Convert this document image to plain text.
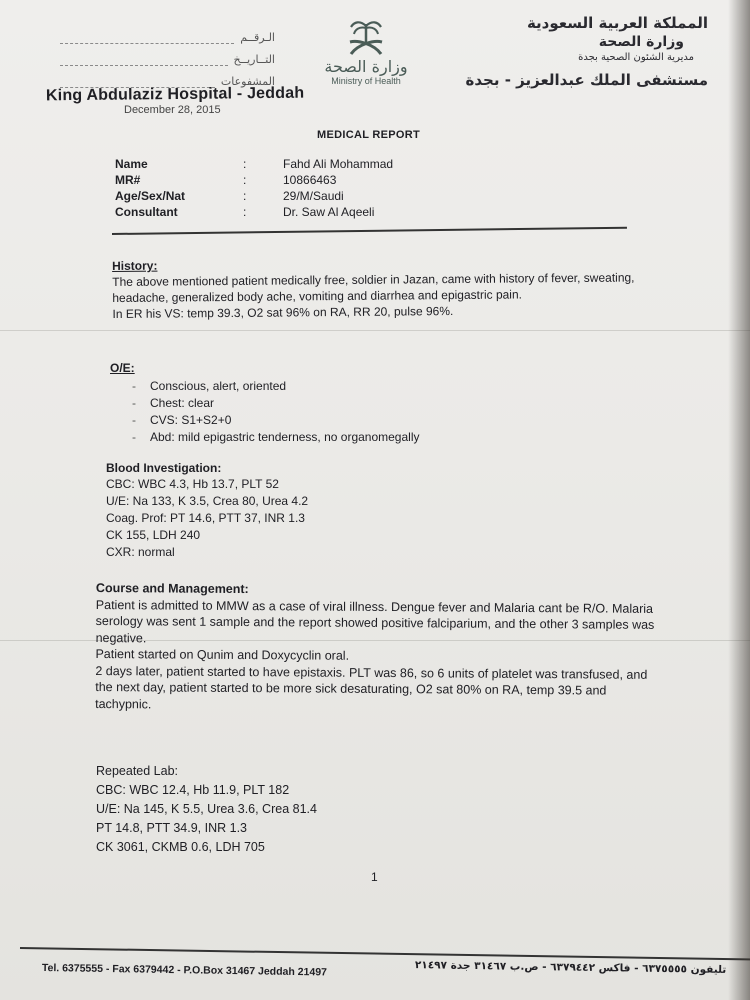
الـرقــم
التــاريــخ
المشفوعات
وزارة الصحة
Ministry of Health
المملكة العربية السعودية
وزارة الصحة
مديرية الشئون الصحية بجدة
مستشفى الملك عبدالعزيز - بجدة
King Abdulaziz Hospital - Jeddah
December 28, 2015
MEDICAL REPORT
Name	:	Fahd Ali Mohammad
MR#	:	10866463
Age/Sex/Nat	:	29/M/Saudi
Consultant	:	Dr. Saw Al Aqeeli
History:
The above mentioned patient medically free, soldier in Jazan, came with history of fever, sweating, headache, generalized body ache, vomiting and diarrhea and epigastric pain.
In ER his VS: temp 39.3, O2 sat 96% on RA, RR 20, pulse 96%.
O/E:
-	Conscious, alert, oriented
-	Chest: clear
-	CVS: S1+S2+0
-	Abd: mild epigastric tenderness, no organomegally
Blood Investigation:
CBC: WBC 4.3, Hb 13.7, PLT 52
U/E: Na 133, K 3.5, Crea 80, Urea 4.2
Coag. Prof: PT 14.6, PTT 37, INR 1.3
CK 155, LDH 240
CXR: normal
Course and Management:

Patient is admitted to MMW as a case of viral illness. Dengue fever and Malaria cant be R/O. Malaria serology was sent 1 sample and the report showed positive falciparium, and the other 3 samples was negative.

Patient started on Qunim and Doxycyclin oral.

2 days later, patient started to have epistaxis. PLT was 86, so 6 units of platelet was transfused, and the next day, patient started to be more sick desaturating, O2 sat 80% on RA, temp 39.5 and tachypnic.

Repeated Lab:
CBC: WBC 12.4, Hb 11.9, PLT 182
U/E: Na 145, K 5.5, Urea 3.6, Crea 81.4
PT 14.8, PTT 34.9, INR 1.3
CK 3061, CKMB 0.6, LDH 705
1
Tel. 6375555 - Fax 6379442 - P.O.Box 31467 Jeddah 21497	تليفون ٦٣٧٥٥٥٥ - فاكس ٦٣٧٩٤٤٢ - ص.ب ٣١٤٦٧ جدة ٢١٤٩٧
